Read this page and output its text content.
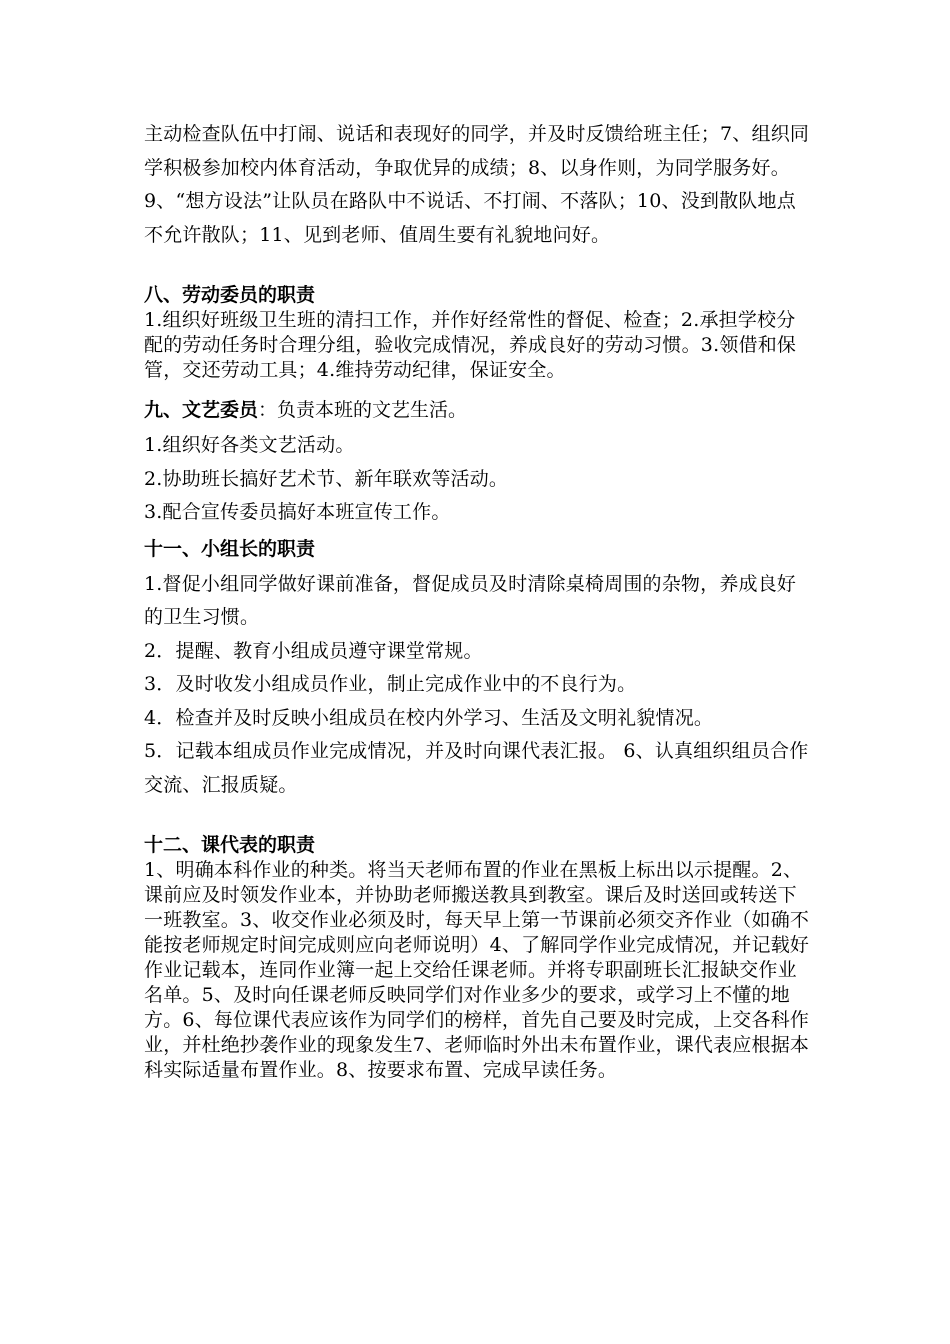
主动检查队伍中打闹、说话和表现好的同学，并及时反馈给班主任；7、组织同学积极参加校内体育活动，争取优异的成绩；8、以身作则，为同学服务好。9、“想方设法”让队员在路队中不说话、不打闹、不落队；10、没到散队地点不允许散队；11、见到老师、值周生要有礼貌地问好。

八、劳动委员的职责

1.组织好班级卫生班的清扫工作，并作好经常性的督促、检查；2.承担学校分配的劳动任务时合理分组，验收完成情况，养成良好的劳动习惯。3.领借和保管，交还劳动工具；4.维持劳动纪律，保证安全。

九、文艺委员：负责本班的文艺生活。

1.组织好各类文艺活动。

2.协助班长搞好艺术节、新年联欢等活动。

3.配合宣传委员搞好本班宣传工作。

十一、小组长的职责

1.督促小组同学做好课前准备，督促成员及时清除桌椅周围的杂物，养成良好的卫生习惯。

2．提醒、教育小组成员遵守课堂常规。

3．及时收发小组成员作业，制止完成作业中的不良行为。

4．检查并及时反映小组成员在校内外学习、生活及文明礼貌情况。

5．记载本组成员作业完成情况，并及时向课代表汇报。 6、认真组织组员合作交流、汇报质疑。

十二、课代表的职责

1、明确本科作业的种类。将当天老师布置的作业在黑板上标出以示提醒。2、课前应及时领发作业本，并协助老师搬送教具到教室。课后及时送回或转送下一班教室。3、收交作业必须及时，每天早上第一节课前必须交齐作业（如确不能按老师规定时间完成则应向老师说明）4、了解同学作业完成情况，并记载好作业记载本，连同作业簿一起上交给任课老师。并将专职副班长汇报缺交作业名单。5、及时向任课老师反映同学们对作业多少的要求，或学习上不懂的地方。6、每位课代表应该作为同学们的榜样，首先自己要及时完成，上交各科作业，并杜绝抄袭作业的现象发生7、老师临时外出未布置作业，课代表应根据本科实际适量布置作业。8、按要求布置、完成早读任务。
